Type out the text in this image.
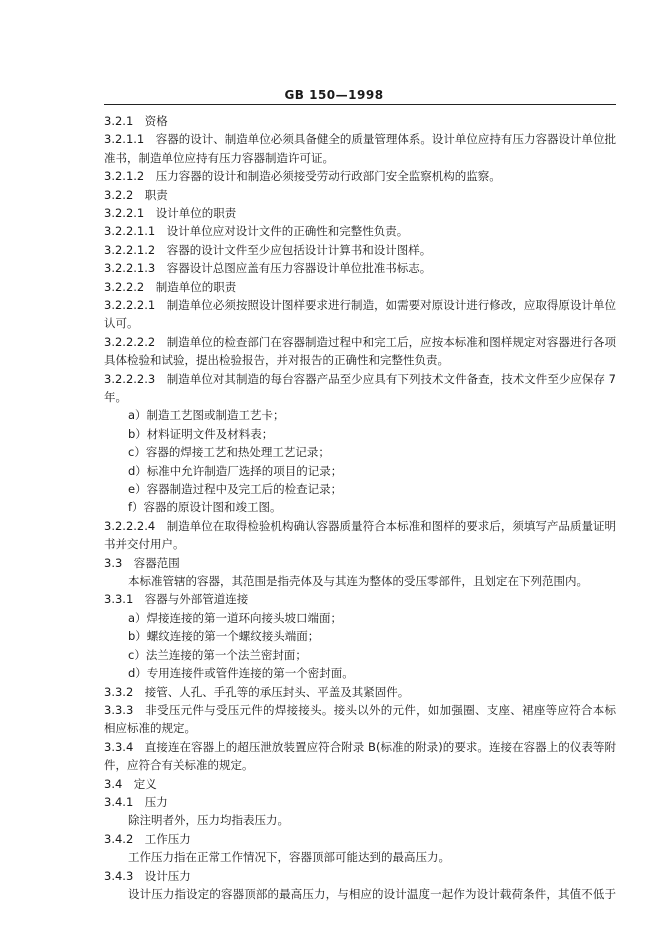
GB 150—1998
3.2.1　资格
3.2.1.1　容器的设计、制造单位必须具备健全的质量管理体系。设计单位应持有压力容器设计单位批
准书，制造单位应持有压力容器制造许可证。
3.2.1.2　压力容器的设计和制造必须接受劳动行政部门安全监察机构的监察。
3.2.2　职责
3.2.2.1　设计单位的职责
3.2.2.1.1　设计单位应对设计文件的正确性和完整性负责。
3.2.2.1.2　容器的设计文件至少应包括设计计算书和设计图样。
3.2.2.1.3　容器设计总图应盖有压力容器设计单位批准书标志。
3.2.2.2　制造单位的职责
3.2.2.2.1　制造单位必须按照设计图样要求进行制造，如需要对原设计进行修改，应取得原设计单位
认可。
3.2.2.2.2　制造单位的检查部门在容器制造过程中和完工后，应按本标准和图样规定对容器进行各项
具体检验和试验，提出检验报告，并对报告的正确性和完整性负责。
3.2.2.2.3　制造单位对其制造的每台容器产品至少应具有下列技术文件备查，技术文件至少应保存 7
年。
a）制造工艺图或制造工艺卡；
b）材料证明文件及材料表；
c）容器的焊接工艺和热处理工艺记录；
d）标准中允许制造厂选择的项目的记录；
e）容器制造过程中及完工后的检查记录；
f）容器的原设计图和竣工图。
3.2.2.2.4　制造单位在取得检验机构确认容器质量符合本标准和图样的要求后，须填写产品质量证明
书并交付用户。
3.3　容器范围
本标准管辖的容器，其范围是指壳体及与其连为整体的受压零部件，且划定在下列范围内。
3.3.1　容器与外部管道连接
a）焊接连接的第一道环向接头坡口端面；
b）螺纹连接的第一个螺纹接头端面；
c）法兰连接的第一个法兰密封面；
d）专用连接件或管件连接的第一个密封面。
3.3.2　接管、人孔、手孔等的承压封头、平盖及其紧固件。
3.3.3　非受压元件与受压元件的焊接接头。接头以外的元件，如加强圈、支座、裙座等应符合本标
相应标准的规定。
3.3.4　直接连在容器上的超压泄放装置应符合附录 B(标准的附录)的要求。连接在容器上的仪表等附
件，应符合有关标准的规定。
3.4　定义
3.4.1　压力
除注明者外，压力均指表压力。
3.4.2　工作压力
工作压力指在正常工作情况下，容器顶部可能达到的最高压力。
3.4.3　设计压力
设计压力指设定的容器顶部的最高压力，与相应的设计温度一起作为设计载荷条件，其值不低于
